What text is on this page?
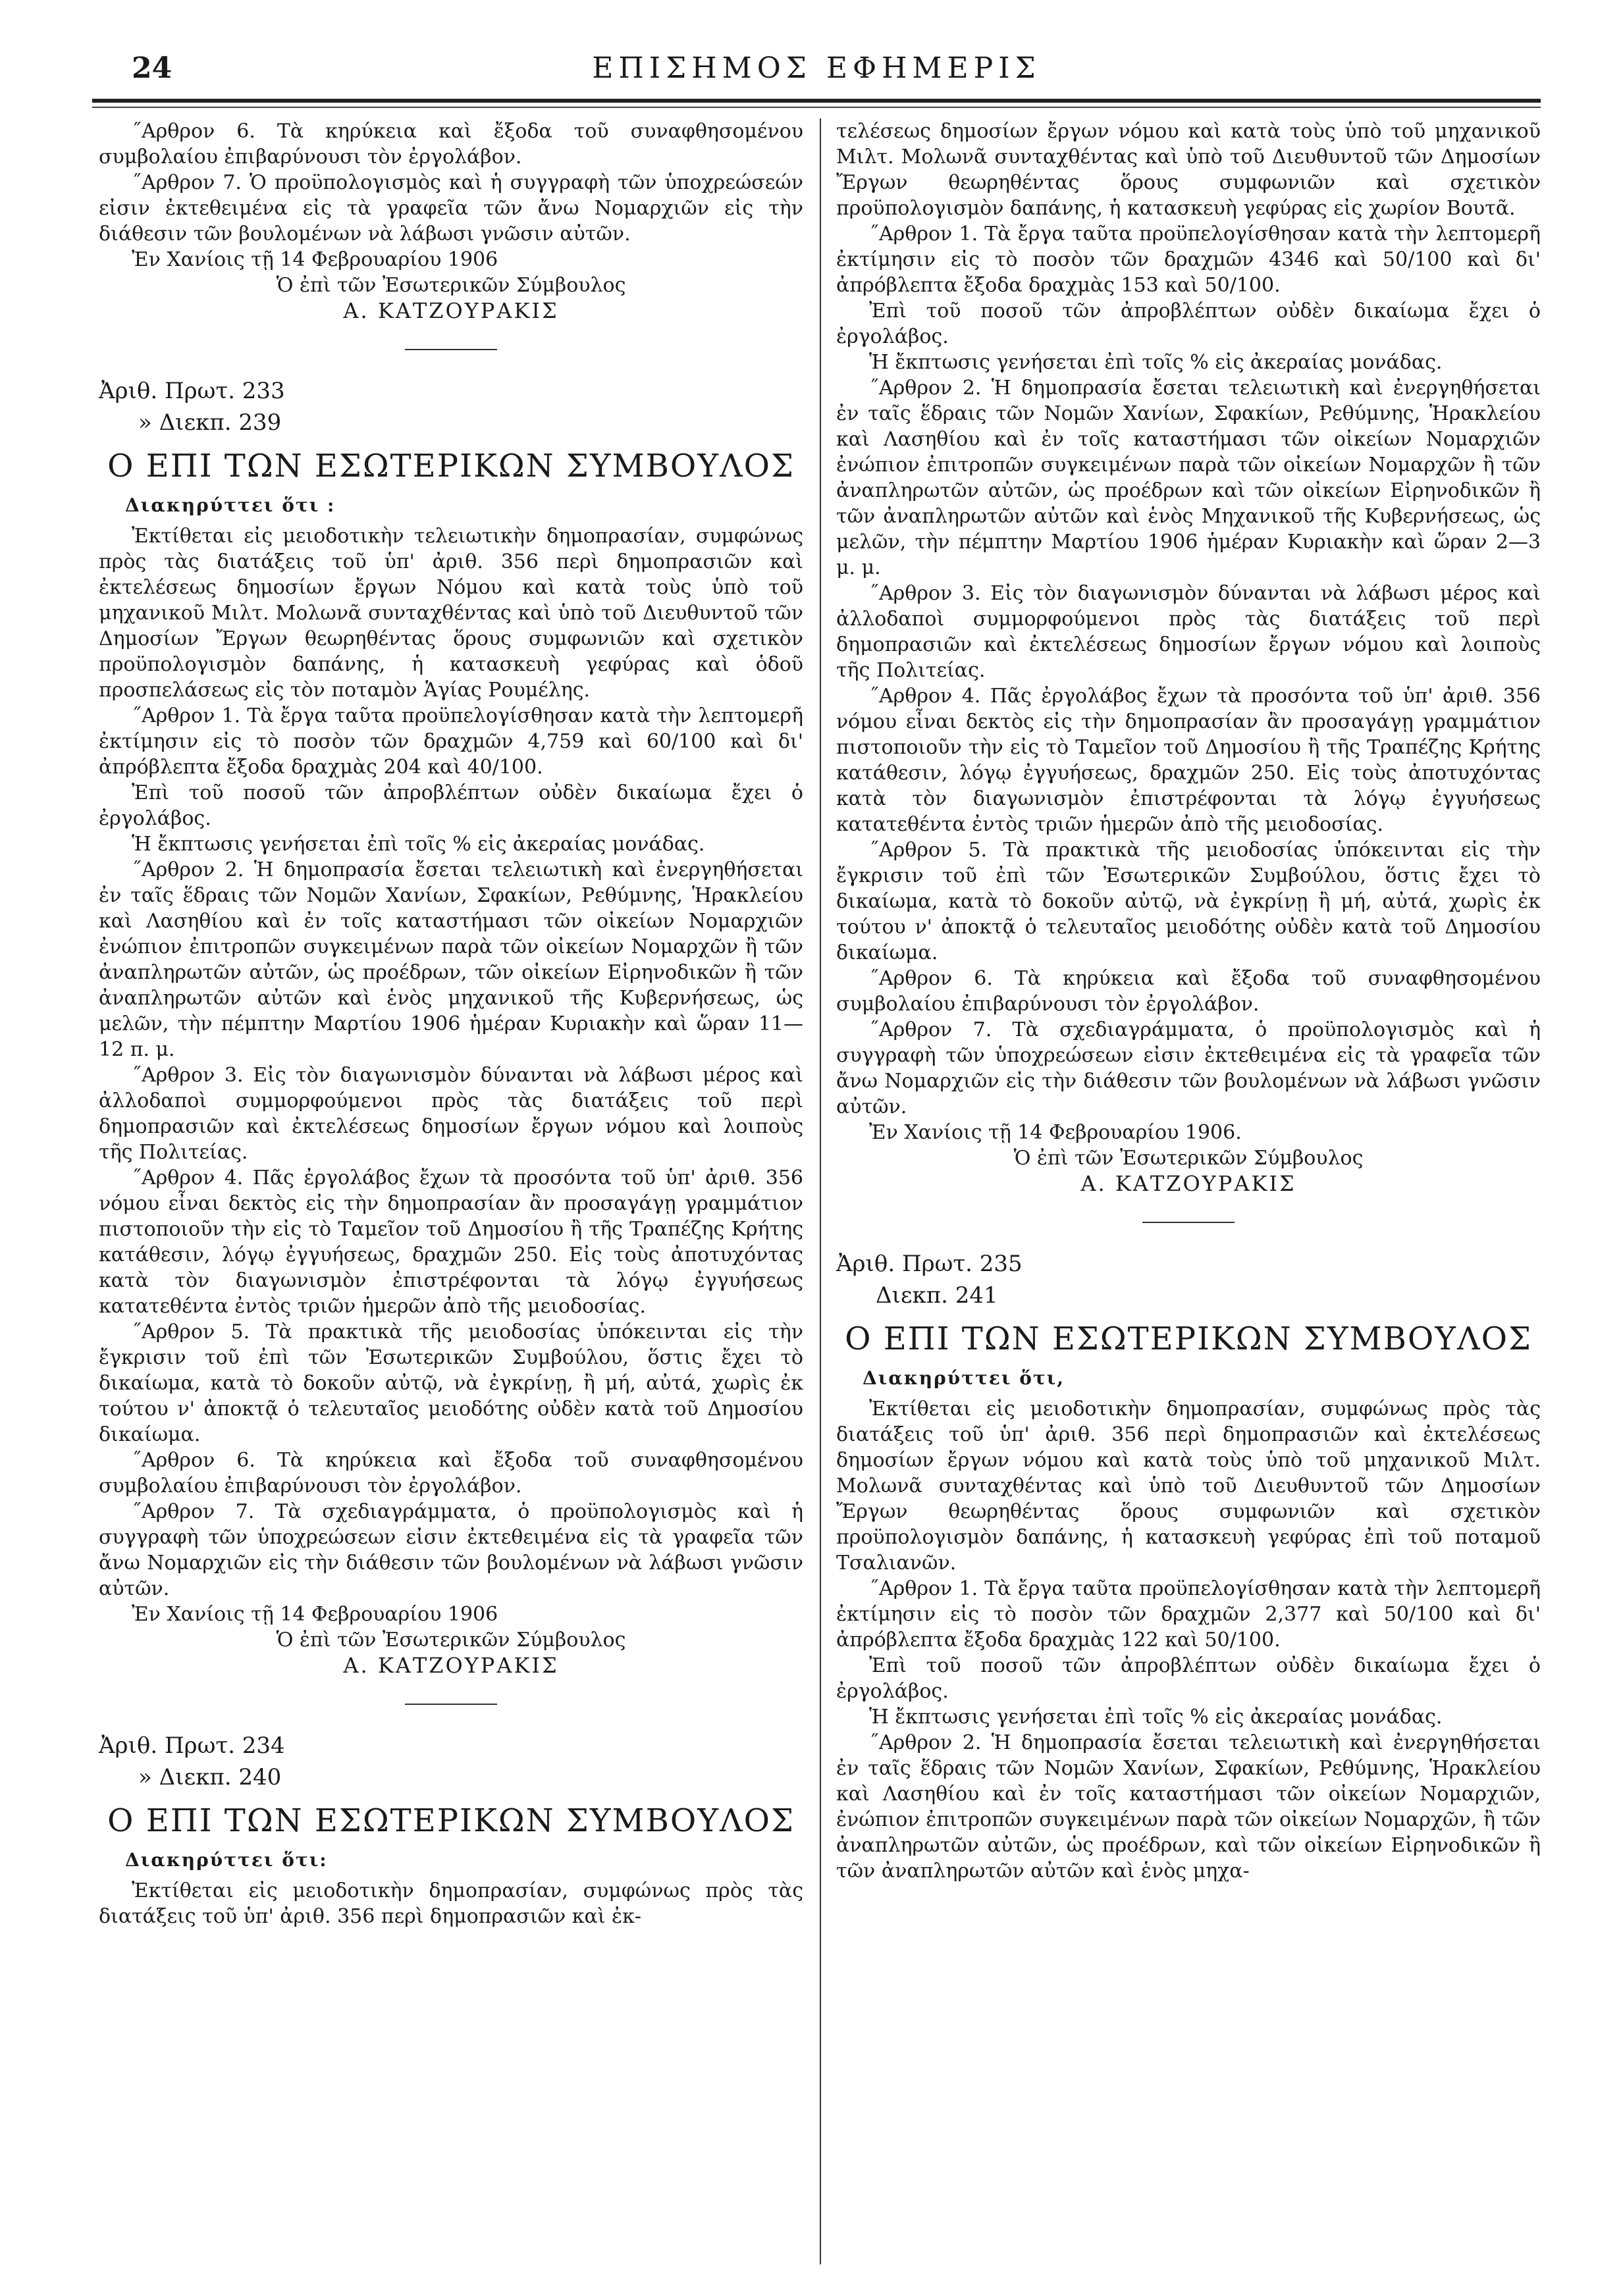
24	ΕΠΙΣΗΜΟΣ ΕΦΗΜΕΡΙΣ

˝Αρθρον 6. Τὰ κηρύκεια καὶ ἔξοδα τοῦ συναφθησομένου συμβολαίου ἐπιβαρύνουσι τὸν ἐργολάβον.

˝Αρθρον 7. Ὁ προϋπολογισμὸς καὶ ἡ συγγραφὴ τῶν ὑποχρεώσεών εἰσιν ἐκτεθειμένα εἰς τὰ γραφεῖα τῶν ἄνω Νομαρχιῶν εἰς τὴν διάθεσιν τῶν βουλομένων νὰ λάβωσι γνῶσιν αὐτῶν.

Ἐν Χανίοις τῇ 14 Φεβρουαρίου 1906

Ὁ ἐπὶ τῶν Ἐσωτερικῶν Σύμβουλος

Α. ΚΑΤΖΟΥΡΑΚΙΣ

Ἀριθ. Πρωτ. 233

» Διεκπ. 239

Ο ΕΠΙ ΤΩΝ ΕΣΩΤΕΡΙΚΩΝ ΣΥΜΒΟΥΛΟΣ
Διακηρύττει ὅτι :

Ἐκτίθεται εἰς μειοδοτικὴν τελειωτικὴν δημοπρασίαν, συμφώνως πρὸς τὰς διατάξεις τοῦ ὑπ' ἀριθ. 356 περὶ δημοπρασιῶν καὶ ἐκτελέσεως δημοσίων ἔργων Νόμου καὶ κατὰ τοὺς ὑπὸ τοῦ μηχανικοῦ Μιλτ. Μολωνᾶ συνταχθέντας καὶ ὑπὸ τοῦ Διευθυντοῦ τῶν Δημοσίων Ἔργων θεωρηθέντας ὅρους συμφωνιῶν καὶ σχετικὸν προϋπολογισμὸν δαπάνης, ἡ κατασκευὴ γεφύρας καὶ ὁδοῦ προσπελάσεως εἰς τὸν ποταμὸν Ἁγίας Ρουμέλης.

˝Αρθρον 1. Τὰ ἔργα ταῦτα προϋπελογίσθησαν κατὰ τὴν λεπτομερῆ ἐκτίμησιν εἰς τὸ ποσὸν τῶν δραχμῶν 4,759 καὶ 60/100 καὶ δι' ἀπρόβλεπτα ἔξοδα δραχμὰς 204 καὶ 40/100.

Ἐπὶ τοῦ ποσοῦ τῶν ἀπροβλέπτων οὐδὲν δικαίωμα ἔχει ὁ ἐργολάβος.

Ἡ ἔκπτωσις γενήσεται ἐπὶ τοῖς % εἰς ἀκεραίας μονάδας.

˝Αρθρον 2. Ἡ δημοπρασία ἔσεται τελειωτικὴ καὶ ἐνεργηθήσεται ἐν ταῖς ἕδραις τῶν Νομῶν Χανίων, Σφακίων, Ρεθύμνης, Ἡρακλείου καὶ Λασηθίου καὶ ἐν τοῖς καταστήμασι τῶν οἰκείων Νομαρχιῶν ἐνώπιον ἐπιτροπῶν συγκειμένων παρὰ τῶν οἰκείων Νομαρχῶν ἢ τῶν ἀναπληρωτῶν αὐτῶν, ὡς προέδρων, τῶν οἰκείων Εἰρηνοδικῶν ἢ τῶν ἀναπληρωτῶν αὐτῶν καὶ ἑνὸς μηχανικοῦ τῆς Κυβερνήσεως, ὡς μελῶν, τὴν πέμπτην Μαρτίου 1906 ἡμέραν Κυριακὴν καὶ ὥραν 11—12 π. μ.

˝Αρθρον 3. Εἰς τὸν διαγωνισμὸν δύνανται νὰ λάβωσι μέρος καὶ ἀλλοδαποὶ συμμορφούμενοι πρὸς τὰς διατάξεις τοῦ περὶ δημοπρασιῶν καὶ ἐκτελέσεως δημοσίων ἔργων νόμου καὶ λοιποὺς τῆς Πολιτείας.

˝Αρθρον 4. Πᾶς ἐργολάβος ἔχων τὰ προσόντα τοῦ ὑπ' ἀριθ. 356 νόμου εἶναι δεκτὸς εἰς τὴν δημοπρασίαν ἂν προσαγάγῃ γραμμάτιον πιστοποιοῦν τὴν εἰς τὸ Ταμεῖον τοῦ Δημοσίου ἢ τῆς Τραπέζης Κρήτης κατάθεσιν, λόγῳ ἐγγυήσεως, δραχμῶν 250. Εἰς τοὺς ἀποτυχόντας κατὰ τὸν διαγωνισμὸν ἐπιστρέφονται τὰ λόγῳ ἐγγυήσεως κατατεθέντα ἐντὸς τριῶν ἡμερῶν ἀπὸ τῆς μειοδοσίας.

˝Αρθρον 5. Τὰ πρακτικὰ τῆς μειοδοσίας ὑπόκεινται εἰς τὴν ἔγκρισιν τοῦ ἐπὶ τῶν Ἐσωτερικῶν Συμβούλου, ὅστις ἔχει τὸ δικαίωμα, κατὰ τὸ δοκοῦν αὐτῷ, νὰ ἐγκρίνῃ, ἢ μή, αὐτά, χωρὶς ἐκ τούτου ν' ἀποκτᾷ ὁ τελευταῖος μειοδότης οὐδὲν κατὰ τοῦ Δημοσίου δικαίωμα.

˝Αρθρον 6. Τὰ κηρύκεια καὶ ἔξοδα τοῦ συναφθησομένου συμβολαίου ἐπιβαρύνουσι τὸν ἐργολάβον.

˝Αρθρον 7. Τὰ σχεδιαγράμματα, ὁ προϋπολογισμὸς καὶ ἡ συγγραφὴ τῶν ὑποχρεώσεων εἰσιν ἐκτεθειμένα εἰς τὰ γραφεῖα τῶν ἄνω Νομαρχιῶν εἰς τὴν διάθεσιν τῶν βουλομένων νὰ λάβωσι γνῶσιν αὐτῶν.

Ἐν Χανίοις τῇ 14 Φεβρουαρίου 1906

Ὁ ἐπὶ τῶν Ἐσωτερικῶν Σύμβουλος

Α. ΚΑΤΖΟΥΡΑΚΙΣ

Ἀριθ. Πρωτ. 234

» Διεκπ. 240

Ο ΕΠΙ ΤΩΝ ΕΣΩΤΕΡΙΚΩΝ ΣΥΜΒΟΥΛΟΣ
Διακηρύττει ὅτι:

Ἐκτίθεται εἰς μειοδοτικὴν δημοπρασίαν, συμφώνως πρὸς τὰς διατάξεις τοῦ ὑπ' ἀριθ. 356 περὶ δημοπρασιῶν καὶ ἐκ-

τελέσεως δημοσίων ἔργων νόμου καὶ κατὰ τοὺς ὑπὸ τοῦ μηχανικοῦ Μιλτ. Μολωνᾶ συνταχθέντας καὶ ὑπὸ τοῦ Διευθυντοῦ τῶν Δημοσίων Ἔργων θεωρηθέντας ὅρους συμφωνιῶν καὶ σχετικὸν προϋπολογισμὸν δαπάνης, ἡ κατασκευὴ γεφύρας εἰς χωρίον Βουτᾶ.

˝Αρθρον 1. Τὰ ἔργα ταῦτα προϋπελογίσθησαν κατὰ τὴν λεπτομερῆ ἐκτίμησιν εἰς τὸ ποσὸν τῶν δραχμῶν 4346 καὶ 50/100 καὶ δι' ἀπρόβλεπτα ἔξοδα δραχμὰς 153 καὶ 50/100.

Ἐπὶ τοῦ ποσοῦ τῶν ἀπροβλέπτων οὐδὲν δικαίωμα ἔχει ὁ ἐργολάβος.

Ἡ ἔκπτωσις γενήσεται ἐπὶ τοῖς % εἰς ἀκεραίας μονάδας.

˝Αρθρον 2. Ἡ δημοπρασία ἔσεται τελειωτικὴ καὶ ἐνεργηθήσεται ἐν ταῖς ἕδραις τῶν Νομῶν Χανίων, Σφακίων, Ρεθύμνης, Ἡρακλείου καὶ Λασηθίου καὶ ἐν τοῖς καταστήμασι τῶν οἰκείων Νομαρχιῶν ἐνώπιον ἐπιτροπῶν συγκειμένων παρὰ τῶν οἰκείων Νομαρχῶν ἢ τῶν ἀναπληρωτῶν αὐτῶν, ὡς προέδρων καὶ τῶν οἰκείων Εἰρηνοδικῶν ἢ τῶν ἀναπληρωτῶν αὐτῶν καὶ ἑνὸς Μηχανικοῦ τῆς Κυβερνήσεως, ὡς μελῶν, τὴν πέμπτην Μαρτίου 1906 ἡμέραν Κυριακὴν καὶ ὥραν 2—3 μ. μ.

˝Αρθρον 3. Εἰς τὸν διαγωνισμὸν δύνανται νὰ λάβωσι μέρος καὶ ἀλλοδαποὶ συμμορφούμενοι πρὸς τὰς διατάξεις τοῦ περὶ δημοπρασιῶν καὶ ἐκτελέσεως δημοσίων ἔργων νόμου καὶ λοιποὺς τῆς Πολιτείας.

˝Αρθρον 4. Πᾶς ἐργολάβος ἔχων τὰ προσόντα τοῦ ὑπ' ἀριθ. 356 νόμου εἶναι δεκτὸς εἰς τὴν δημοπρασίαν ἂν προσαγάγῃ γραμμάτιον πιστοποιοῦν τὴν εἰς τὸ Ταμεῖον τοῦ Δημοσίου ἢ τῆς Τραπέζης Κρήτης κατάθεσιν, λόγῳ ἐγγυήσεως, δραχμῶν 250. Εἰς τοὺς ἀποτυχόντας κατὰ τὸν διαγωνισμὸν ἐπιστρέφονται τὰ λόγῳ ἐγγυήσεως κατατεθέντα ἐντὸς τριῶν ἡμερῶν ἀπὸ τῆς μειοδοσίας.

˝Αρθρον 5. Τὰ πρακτικὰ τῆς μειοδοσίας ὑπόκεινται εἰς τὴν ἔγκρισιν τοῦ ἐπὶ τῶν Ἐσωτερικῶν Συμβούλου, ὅστις ἔχει τὸ δικαίωμα, κατὰ τὸ δοκοῦν αὐτῷ, νὰ ἐγκρίνῃ ἢ μή, αὐτά, χωρὶς ἐκ τούτου ν' ἀποκτᾷ ὁ τελευταῖος μειοδότης οὐδὲν κατὰ τοῦ Δημοσίου δικαίωμα.

˝Αρθρον 6. Τὰ κηρύκεια καὶ ἔξοδα τοῦ συναφθησομένου συμβολαίου ἐπιβαρύνουσι τὸν ἐργολάβον.

˝Αρθρον 7. Τὰ σχεδιαγράμματα, ὁ προϋπολογισμὸς καὶ ἡ συγγραφὴ τῶν ὑποχρεώσεων εἰσιν ἐκτεθειμένα εἰς τὰ γραφεῖα τῶν ἄνω Νομαρχιῶν εἰς τὴν διάθεσιν τῶν βουλομένων νὰ λάβωσι γνῶσιν αὐτῶν.

Ἐν Χανίοις τῇ 14 Φεβρουαρίου 1906.

Ὁ ἐπὶ τῶν Ἐσωτερικῶν Σύμβουλος

Α. ΚΑΤΖΟΥΡΑΚΙΣ

Ἀριθ. Πρωτ. 235

Διεκπ. 241

Ο ΕΠΙ ΤΩΝ ΕΣΩΤΕΡΙΚΩΝ ΣΥΜΒΟΥΛΟΣ
Διακηρύττει ὅτι,

Ἐκτίθεται εἰς μειοδοτικὴν δημοπρασίαν, συμφώνως πρὸς τὰς διατάξεις τοῦ ὑπ' ἀριθ. 356 περὶ δημοπρασιῶν καὶ ἐκτελέσεως δημοσίων ἔργων νόμου καὶ κατὰ τοὺς ὑπὸ τοῦ μηχανικοῦ Μιλτ. Μολωνᾶ συνταχθέντας καὶ ὑπὸ τοῦ Διευθυντοῦ τῶν Δημοσίων Ἔργων θεωρηθέντας ὅρους συμφωνιῶν καὶ σχετικὸν προϋπολογισμὸν δαπάνης, ἡ κατασκευὴ γεφύρας ἐπὶ τοῦ ποταμοῦ Τσαλιανῶν.

˝Αρθρον 1. Τὰ ἔργα ταῦτα προϋπελογίσθησαν κατὰ τὴν λεπτομερῆ ἐκτίμησιν εἰς τὸ ποσὸν τῶν δραχμῶν 2,377 καὶ 50/100 καὶ δι' ἀπρόβλεπτα ἔξοδα δραχμὰς 122 καὶ 50/100.

Ἐπὶ τοῦ ποσοῦ τῶν ἀπροβλέπτων οὐδὲν δικαίωμα ἔχει ὁ ἐργολάβος.

Ἡ ἔκπτωσις γενήσεται ἐπὶ τοῖς % εἰς ἀκεραίας μονάδας.

˝Αρθρον 2. Ἡ δημοπρασία ἔσεται τελειωτικὴ καὶ ἐνεργηθήσεται ἐν ταῖς ἕδραις τῶν Νομῶν Χανίων, Σφακίων, Ρεθύμνης, Ἡρακλείου καὶ Λασηθίου καὶ ἐν τοῖς καταστήμασι τῶν οἰκείων Νομαρχιῶν, ἐνώπιον ἐπιτροπῶν συγκειμένων παρὰ τῶν οἰκείων Νομαρχῶν, ἢ τῶν ἀναπληρωτῶν αὐτῶν, ὡς προέδρων, καὶ τῶν οἰκείων Εἰρηνοδικῶν ἢ τῶν ἀναπληρωτῶν αὐτῶν καὶ ἑνὸς μηχα-
